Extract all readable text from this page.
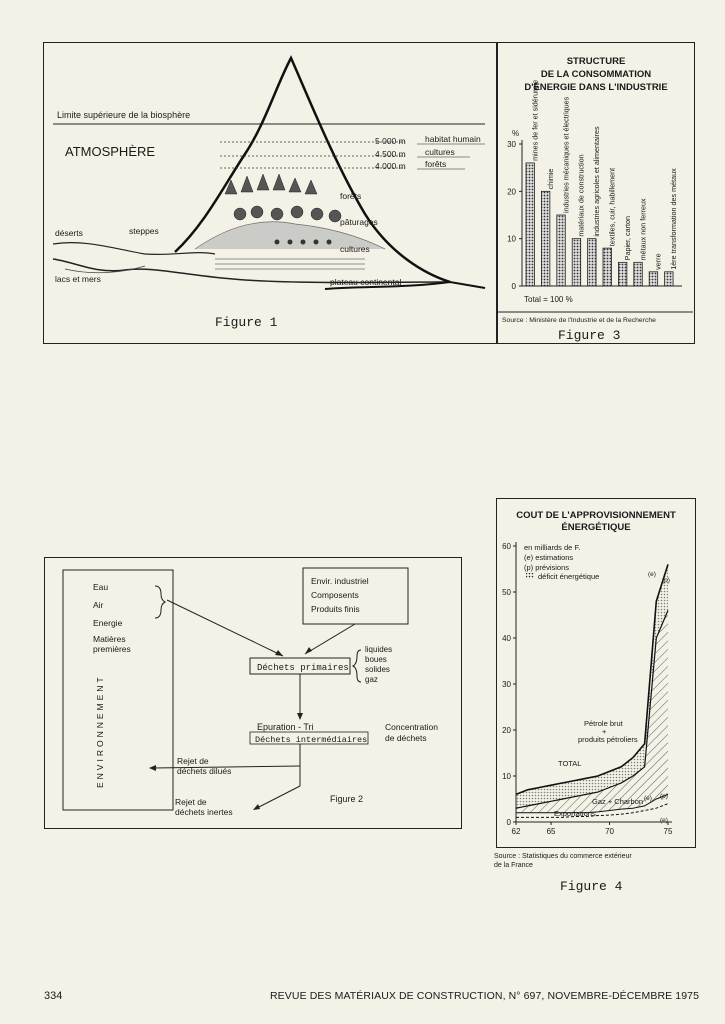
Limite supérieure de la biosphère
ATMOSPHÈRE
5 000 m habitat humain
4 500 m cultures
4 000 m forêts
forêts
pâturages
cultures
déserts	steppes
lacs et mers	plateau continental
Figure 1
STRUCTURE
DE LA CONSOMMATION
D'ÉNERGIE DANS L'INDUSTRIE
%
0
10
20
30 mines de fer et sidérurgie
chimie industries mécaniques et électriques matériaux de construction industries agricoles et alimentaires textiles, cuir, habillement Papier, carton métaux non ferreux
verre 1ère transformation des métaux
Total = 100 %
Source : Ministère de l'Industrie et de la Recherche
Figure 3
ENVIRONNEMENT
Eau
Air
Energie
Matières
premières
Envir. industriel
Composents
Produits finis
Déchets primaires
liquides
boues
solides
gaz
Epuration - Tri
Déchets intermédiaires
Concentration
de déchets
Rejet de
déchets dilués
Rejet de
déchets inertes
Figure 2
COUT DE L'APPROVISIONNEMENT
ÉNERGÉTIQUE
0
10
20
30
40
50
60
62	65	70	75
en milliards de F.
(e) estimations
(p) prévisions
déficit énergétique
Pétrole brut
+
produits pétroliers
TOTAL
Gaz + Charbon
Exportations
(e) (p)
(e)
(p)
(e)
Source : Statistiques du commerce extérieur
de la France
Figure 4
334	REVUE DES MATÉRIAUX DE CONSTRUCTION, N° 697, NOVEMBRE-DÉCEMBRE 1975
